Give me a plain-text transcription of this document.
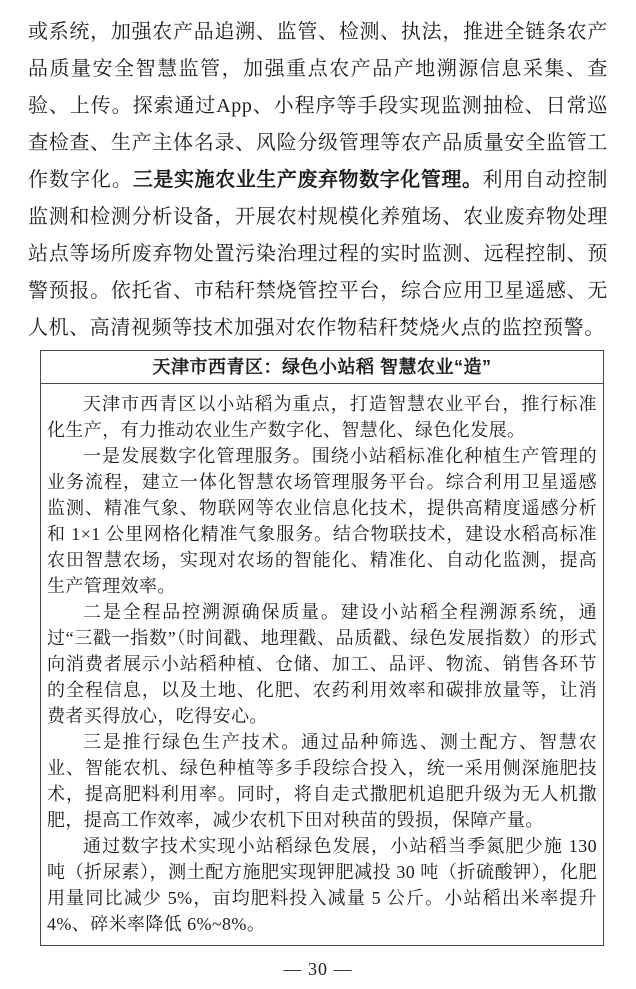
或系统，加强农产品追溯、监管、检测、执法，推进全链条农产品质量安全智慧监管，加强重点农产品产地溯源信息采集、查验、上传。探索通过App、小程序等手段实现监测抽检、日常巡查检查、生产主体名录、风险分级管理等农产品质量安全监管工作数字化。三是实施农业生产废弃物数字化管理。利用自动控制监测和检测分析设备，开展农村规模化养殖场、农业废弃物处理站点等场所废弃物处置污染治理过程的实时监测、远程控制、预警预报。依托省、市秸秆禁烧管控平台，综合应用卫星遥感、无人机、高清视频等技术加强对农作物秸秆焚烧火点的监控预警。

天津市西青区：绿色小站稻 智慧农业“造”

天津市西青区以小站稻为重点，打造智慧农业平台，推行标准化生产，有力推动农业生产数字化、智慧化、绿色化发展。

一是发展数字化管理服务。围绕小站稻标准化种植生产管理的业务流程，建立一体化智慧农场管理服务平台。综合利用卫星遥感监测、精准气象、物联网等农业信息化技术，提供高精度遥感分析和 1×1 公里网格化精准气象服务。结合物联技术，建设水稻高标准农田智慧农场，实现对农场的智能化、精准化、自动化监测，提高生产管理效率。

二是全程品控溯源确保质量。建设小站稻全程溯源系统，通过“三戳一指数”（时间戳、地理戳、品质戳、绿色发展指数）的形式向消费者展示小站稻种植、仓储、加工、品评、物流、销售各环节的全程信息，以及土地、化肥、农药利用效率和碳排放量等，让消费者买得放心，吃得安心。

三是推行绿色生产技术。通过品种筛选、测土配方、智慧农业、智能农机、绿色种植等多手段综合投入，统一采用侧深施肥技术，提高肥料利用率。同时，将自走式撒肥机追肥升级为无人机撒肥，提高工作效率，减少农机下田对秧苗的毁损，保障产量。

通过数字技术实现小站稻绿色发展，小站稻当季氮肥少施 130 吨（折尿素），测土配方施肥实现钾肥减投 30 吨（折硫酸钾），化肥用量同比减少 5%，亩均肥料投入减量 5 公斤。小站稻出米率提升 4%、碎米率降低 6%~8%。

— 30 —
